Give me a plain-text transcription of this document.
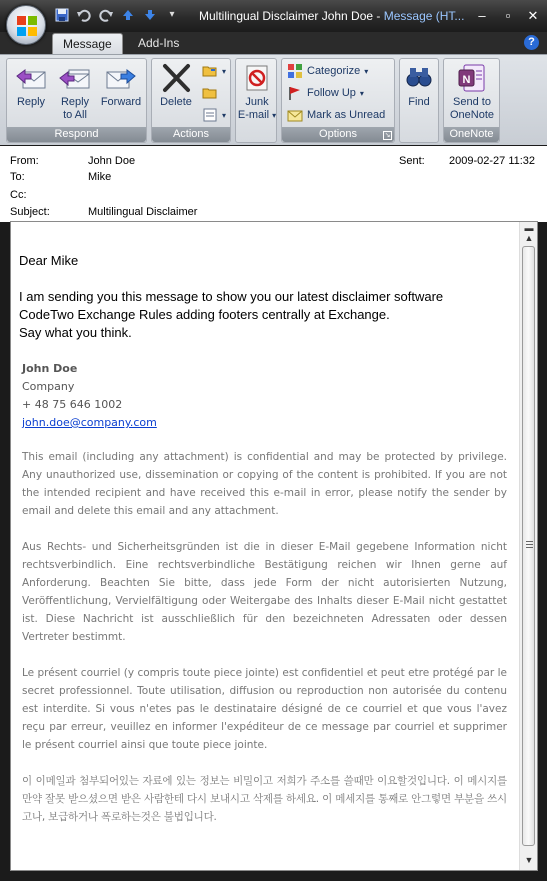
▾	Multilingual Disclaimer John Doe - Message (HT...	–	▫	✕
Message	Add-Ins	?
Reply	Reply
to All
Forward
Respond
Delete
▾
▾
Actions
Junk
E-mail ▾
Categorize ▾
Follow Up ▾
Mark as Unread
Options	↘
Find
N
Send to
OneNote
OneNote
From:	John Doe
To:	Mike
Cc:
Subject:	Multilingual Disclaimer
Sent: 2009-02-27 11:32
Dear Mike
I am sending you this message to show you our latest disclaimer software
CodeTwo Exchange Rules adding footers centrally at Exchange.
Say what you think.
John Doe
Company
+ 48 75 646 1002
john.doe@company.com
This email (including any attachment) is confidential and may be protected by privilege. Any unauthorized use, dissemination or copying of the content is prohibited. If you are not the intended recipient and have received this e-mail in error, please notify the sender by email and delete this email and any attachment.
Aus Rechts- und Sicherheitsgründen ist die in dieser E-Mail gegebene Information nicht rechtsverbindlich. Eine rechtsverbindliche Bestätigung reichen wir Ihnen gerne auf Anforderung. Beachten Sie bitte, dass jede Form der nicht autorisierten Nutzung, Veröffentlichung, Vervielfältigung oder Weitergabe des Inhalts dieser E-Mail nicht gestattet ist. Diese Nachricht ist ausschließlich für den bezeichneten Adressaten oder dessen Vertreter bestimmt.
Le présent courriel (y compris toute piece jointe) est confidentiel et peut etre protégé par le secret professionnel. Toute utilisation, diffusion ou reproduction non autorisée du contenu est interdite. Si vous n'etes pas le destinataire désigné de ce courriel et que vous l'avez reçu par erreur, veuillez en informer l'expéditeur de ce message par courriel et supprimer le présent courriel ainsi que toute piece jointe.
이 이메일과 첨부되어있는 자료에 있는 정보는 비밀이고 저희가 주소를 쓸때만 이요할것입니다. 이 메시지를 만약 잘못 받으셨으면 받은 사람한테 다시 보내시고 삭제를 하세요. 이 메세지를 통째로 안그렇면 부분을 쓰시고나, 보급하거나 폭로하는것은 불법입니다.
▬
▲
▼
